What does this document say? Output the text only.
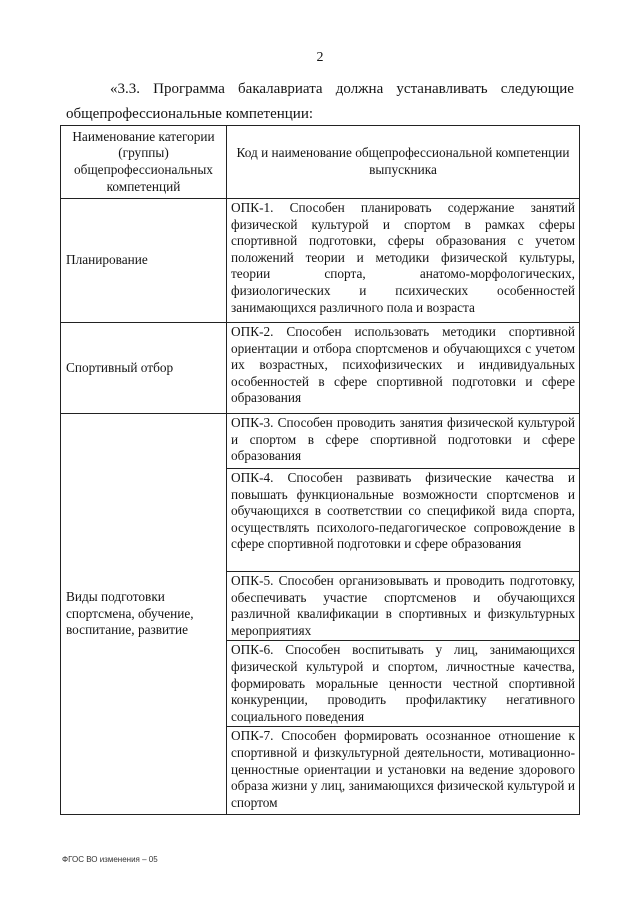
2
«3.3. Программа бакалавриата должна устанавливать следующие
общепрофессиональные компетенции:
Наименование категории (группы) общепрофессиональных компетенций	Код и наименование общепрофессиональной компетенции выпускника
Планирование	ОПК-1. Способен планировать содержание занятий физической культурой и спортом в рамках сферы спортивной подготовки, сферы образования с учетом положений теории и методики физической культуры, теории спорта, анатомо-морфологических, физиологических и психических особенностей занимающихся различного пола и возраста
Спортивный отбор	ОПК-2. Способен использовать методики спортивной ориентации и отбора спортсменов и обучающихся с учетом их возрастных, психофизических и индивидуальных особенностей в сфере спортивной подготовки и сфере образования
Виды подготовки спортсмена, обучение, воспитание, развитие	ОПК-3. Способен проводить занятия физической культурой и спортом в сфере спортивной подготовки и сфере образования
	ОПК-4. Способен развивать физические качества и повышать функциональные возможности спортсменов и обучающихся в соответствии со спецификой вида спорта, осуществлять психолого-педагогическое сопровождение в сфере спортивной подготовки и сфере образования
	ОПК-5. Способен организовывать и проводить подготовку, обеспечивать участие спортсменов и обучающихся различной квалификации в спортивных и физкультурных мероприятиях
	ОПК-6. Способен воспитывать у лиц, занимающихся физической культурой и спортом, личностные качества, формировать моральные ценности честной спортивной конкуренции, проводить профилактику негативного социального поведения
	ОПК-7. Способен формировать осознанное отношение к спортивной и физкультурной деятельности, мотивационно-ценностные ориентации и установки на ведение здорового образа жизни у лиц, занимающихся физической культурой и спортом
ФГОС ВО изменения – 05
